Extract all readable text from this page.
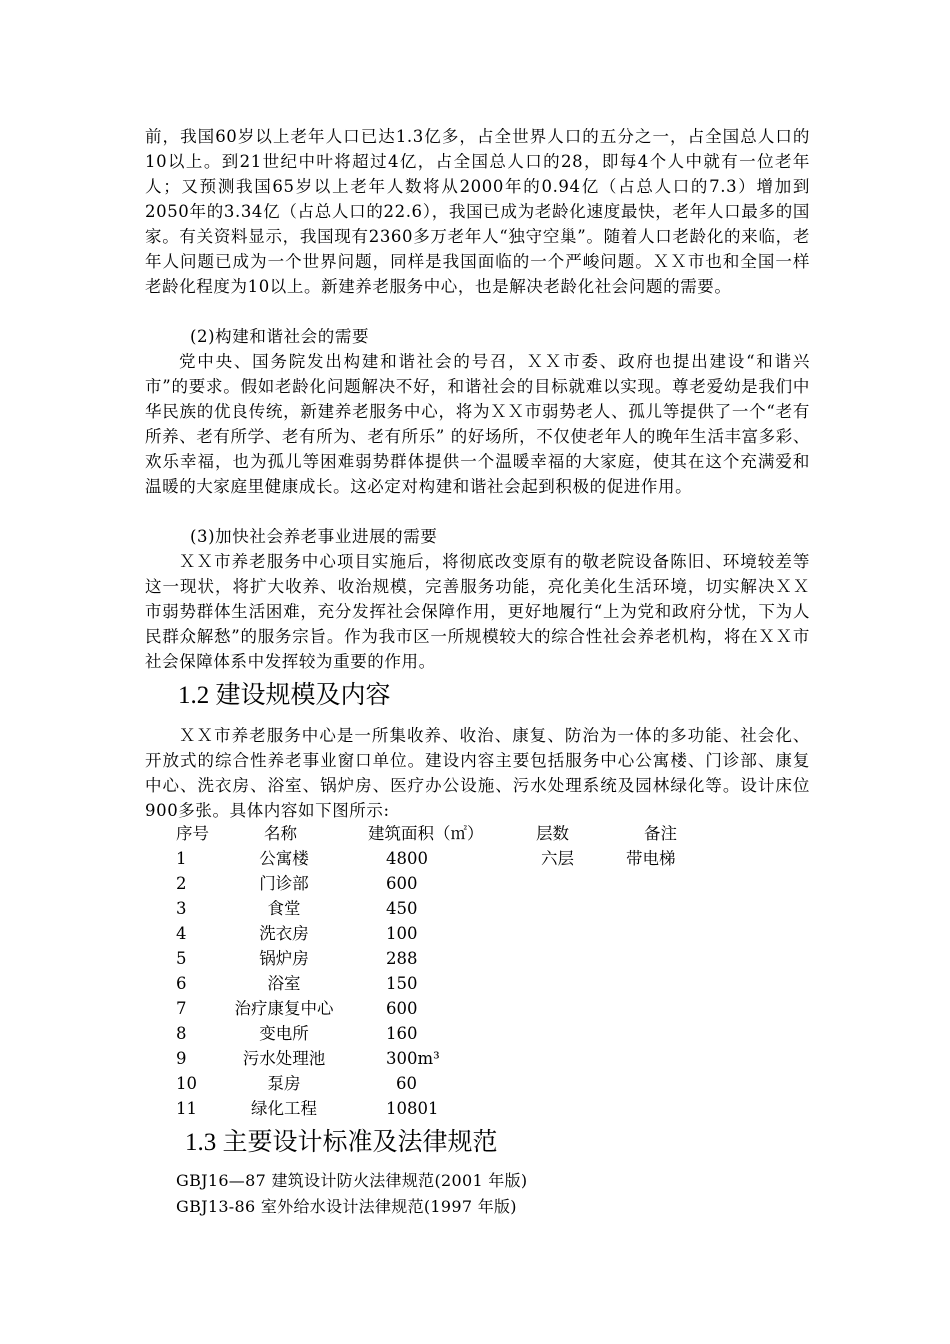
前，我国60岁以上老年人口已达1.3亿多，占全世界人口的五分之一，占全国总人口的10以上。到21世纪中叶将超过4亿，占全国总人口的28，即每4个人中就有一位老年人；又预测我国65岁以上老年人数将从2000年的0.94亿（占总人口的7.3）增加到2050年的3.34亿（占总人口的22.6），我国已成为老龄化速度最快，老年人口最多的国家。有关资料显示，我国现有2360多万老年人“独守空巢”。随着人口老龄化的来临，老年人问题已成为一个世界问题，同样是我国面临的一个严峻问题。ＸＸ市也和全国一样老龄化程度为10以上。新建养老服务中心，也是解决老龄化社会问题的需要。

(2)构建和谐社会的需要

党中央、国务院发出构建和谐社会的号召，ＸＸ市委、政府也提出建设“和谐兴市”的要求。假如老龄化问题解决不好，和谐社会的目标就难以实现。尊老爱幼是我们中华民族的优良传统，新建养老服务中心，将为ＸＸ市弱势老人、孤儿等提供了一个“老有所养、老有所学、老有所为、老有所乐” 的好场所，不仅使老年人的晚年生活丰富多彩、欢乐幸福，也为孤儿等困难弱势群体提供一个温暖幸福的大家庭，使其在这个充满爱和温暖的大家庭里健康成长。这必定对构建和谐社会起到积极的促进作用。

(3)加快社会养老事业进展的需要

ＸＸ市养老服务中心项目实施后，将彻底改变原有的敬老院设备陈旧、环境较差等这一现状，将扩大收养、收治规模，完善服务功能，亮化美化生活环境，切实解决ＸＸ市弱势群体生活困难，充分发挥社会保障作用，更好地履行“上为党和政府分忧，下为人民群众解愁”的服务宗旨。作为我市区一所规模较大的综合性社会养老机构，将在ＸＸ市社会保障体系中发挥较为重要的作用。

1.2 建设规模及内容

ＸＸ市养老服务中心是一所集收养、收治、康复、防治为一体的多功能、社会化、开放式的综合性养老事业窗口单位。建设内容主要包括服务中心公寓楼、门诊部、康复中心、洗衣房、浴室、锅炉房、医疗办公设施、污水处理系统及园林绿化等。设计床位900多张。具体内容如下图所示:

序号	名称	建筑面积（㎡）	层数	备注
1	公寓楼	4800	六层	带电梯
2	门诊部	600
3	食堂	450
4	洗衣房	100
5	锅炉房	288
6	浴室	150
7	治疗康复中心	600
8	变电所	160
9	污水处理池	300m³
10	泵房	60
11	绿化工程	10801
1.3 主要设计标准及法律规范

GBJ16—87 建筑设计防火法律规范(2001 年版)

GBJ13-86 室外给水设计法律规范(1997 年版)
